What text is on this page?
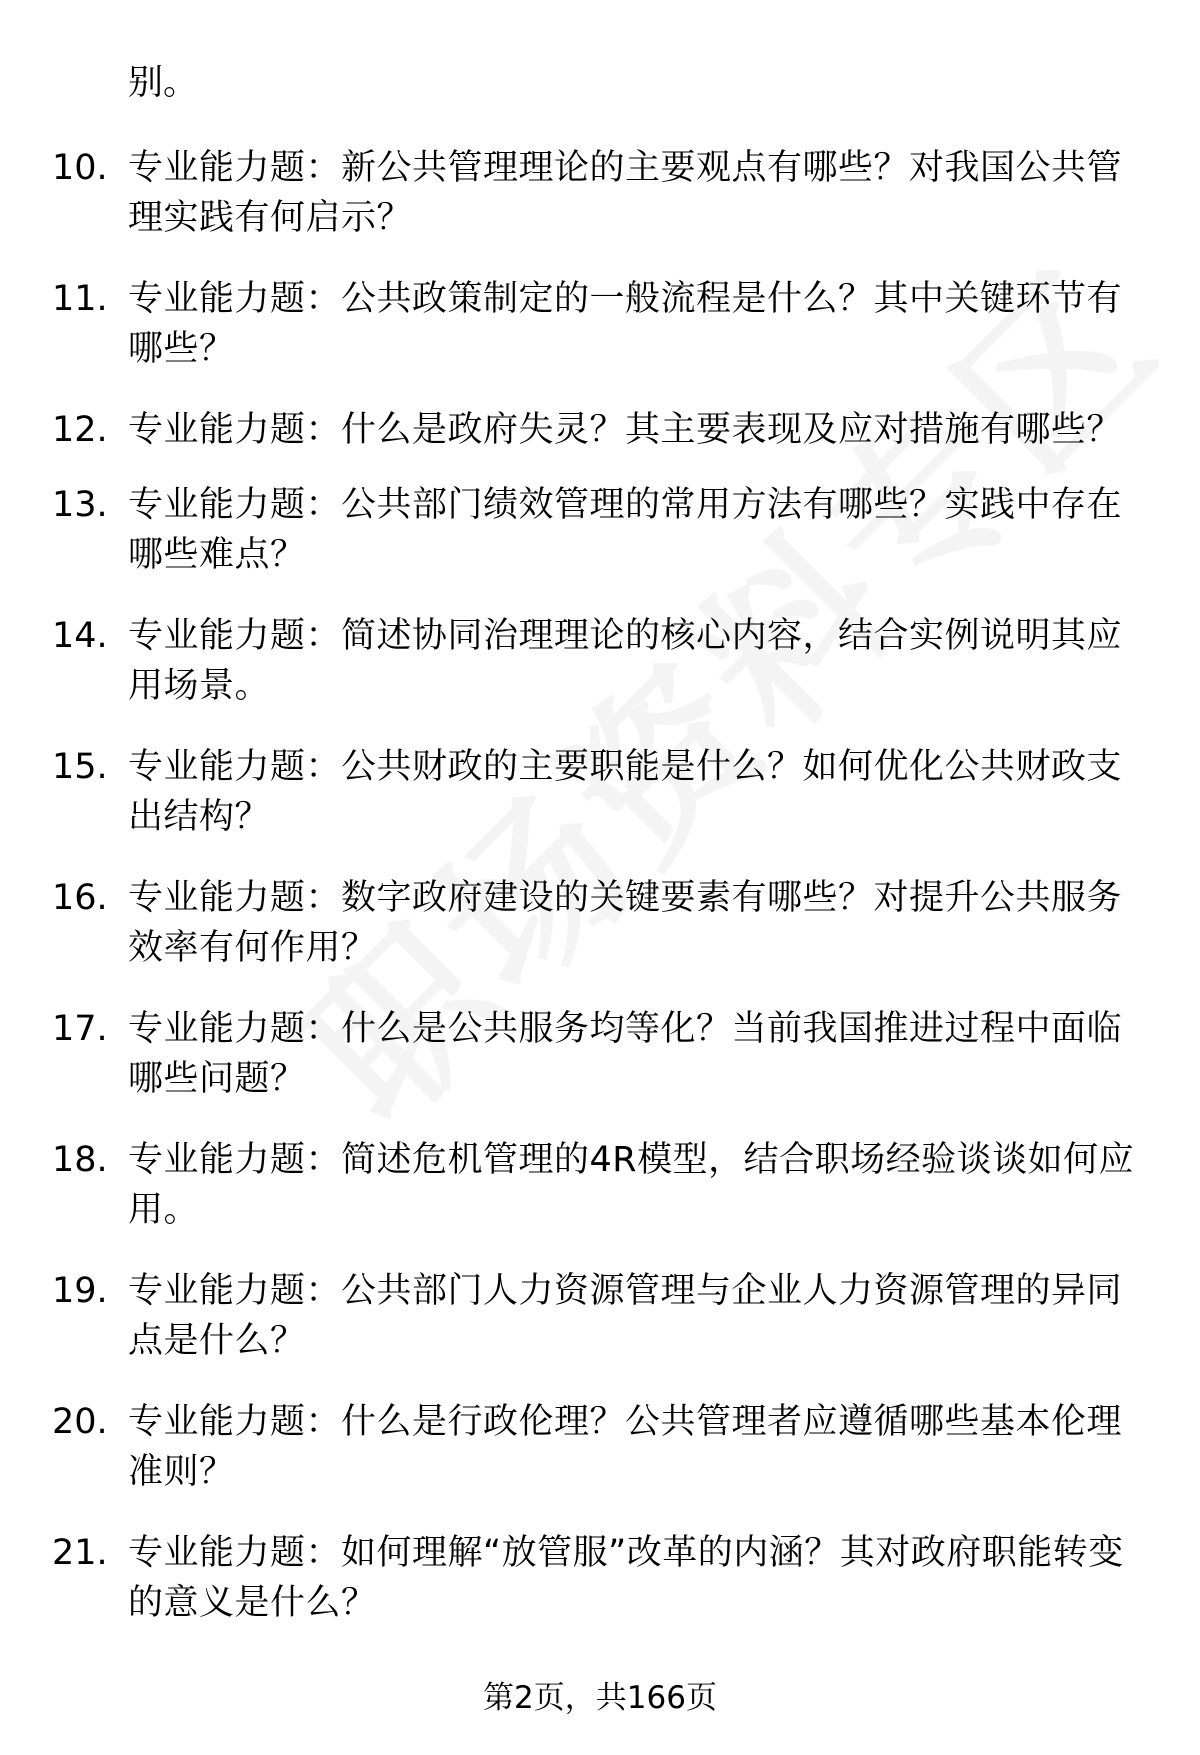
别。
10. 专业能力题：新公共管理理论的主要观点有哪些？对我国公共管理实践有何启示？
11. 专业能力题：公共政策制定的一般流程是什么？其中关键环节有哪些？
12. 专业能力题：什么是政府失灵？其主要表现及应对措施有哪些？
13. 专业能力题：公共部门绩效管理的常用方法有哪些？实践中存在哪些难点？
14. 专业能力题：简述协同治理理论的核心内容，结合实例说明其应用场景。
15. 专业能力题：公共财政的主要职能是什么？如何优化公共财政支出结构？
16. 专业能力题：数字政府建设的关键要素有哪些？对提升公共服务效率有何作用？
17. 专业能力题：什么是公共服务均等化？当前我国推进过程中面临哪些问题？
18. 专业能力题：简述危机管理的4R模型，结合职场经验谈谈如何应用。
19. 专业能力题：公共部门人力资源管理与企业人力资源管理的异同点是什么？
20. 专业能力题：什么是行政伦理？公共管理者应遵循哪些基本伦理准则？
21. 专业能力题：如何理解“放管服”改革的内涵？其对政府职能转变的意义是什么？
第2页，共166页
